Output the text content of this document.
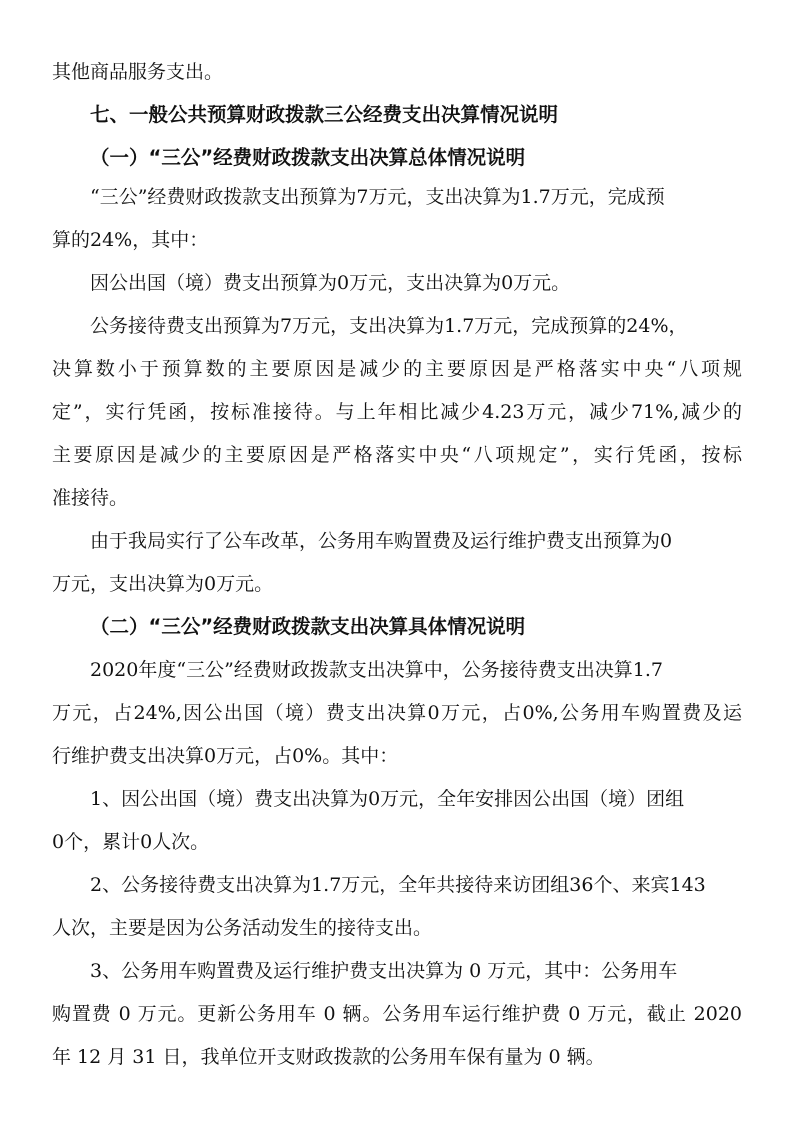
其他商品服务支出。
七、一般公共预算财政拨款三公经费支出决算情况说明
（一）“三公”经费财政拨款支出决算总体情况说明
“三公”经费财政拨款支出预算为7万元，支出决算为1.7万元，完成预
算的24%，其中：
因公出国（境）费支出预算为0万元，支出决算为0万元。
公务接待费支出预算为7万元，支出决算为1.7万元，完成预算的24%，
决算数小于预算数的主要原因是减少的主要原因是严格落实中央“八项规
定”，实行凭函，按标准接待。与上年相比减少4.23万元，减少71%,减少的
主要原因是减少的主要原因是严格落实中央“八项规定”，实行凭函，按标
准接待。
由于我局实行了公车改革，公务用车购置费及运行维护费支出预算为0
万元，支出决算为0万元。
（二）“三公”经费财政拨款支出决算具体情况说明
2020年度“三公”经费财政拨款支出决算中，公务接待费支出决算1.7
万元，占24%,因公出国（境）费支出决算0万元，占0%,公务用车购置费及运
行维护费支出决算0万元，占0%。其中：
1、因公出国（境）费支出决算为0万元，全年安排因公出国（境）团组
0个，累计0人次。
2、公务接待费支出决算为1.7万元，全年共接待来访团组36个、来宾143
人次，主要是因为公务活动发生的接待支出。
3、公务用车购置费及运行维护费支出决算为 0 万元，其中：公务用车
购置费 0 万元。更新公务用车 0 辆。公务用车运行维护费 0 万元，截止 2020
年 12 月 31 日，我单位开支财政拨款的公务用车保有量为 0 辆。
